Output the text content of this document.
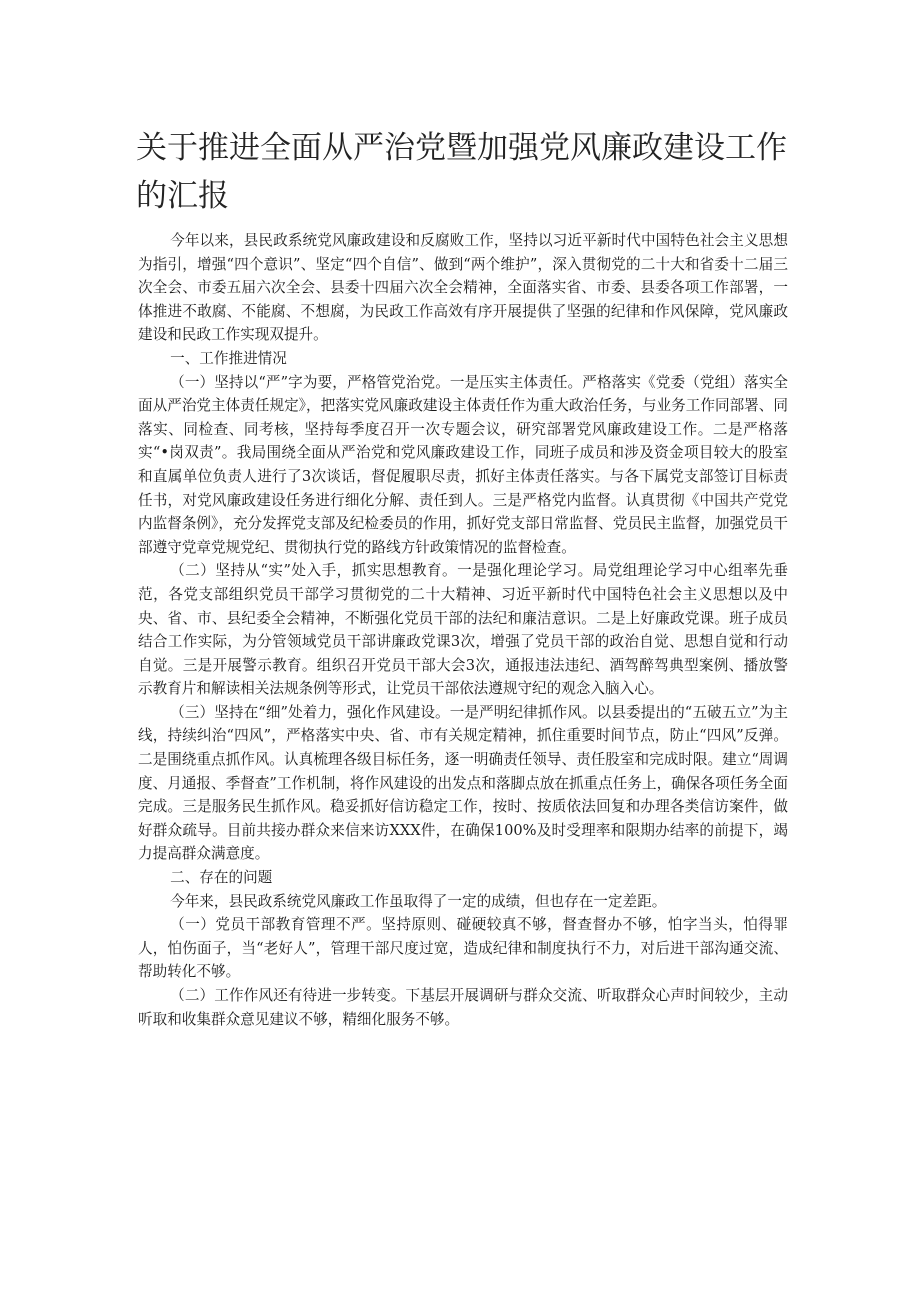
关于推进全面从严治党暨加强党风廉政建设工作的汇报

今年以来，县民政系统党风廉政建设和反腐败工作，坚持以习近平新时代中国特色社会主义思想为指引，增强“四个意识”、坚定“四个自信”、做到“两个维护”，深入贯彻党的二十大和省委十二届三次全会、市委五届六次全会、县委十四届六次全会精神，全面落实省、市委、县委各项工作部署，一体推进不敢腐、不能腐、不想腐，为民政工作高效有序开展提供了坚强的纪律和作风保障，党风廉政建设和民政工作实现双提升。

一、工作推进情况

（一）坚持以“严”字为要，严格管党治党。一是压实主体责任。严格落实《党委（党组）落实全面从严治党主体责任规定》，把落实党风廉政建设主体责任作为重大政治任务，与业务工作同部署、同落实、同检查、同考核，坚持每季度召开一次专题会议，研究部署党风廉政建设工作。二是严格落实“•岗双责”。我局围绕全面从严治党和党风廉政建设工作，同班子成员和涉及资金项目较大的股室和直属单位负责人进行了3次谈话，督促履职尽责，抓好主体责任落实。与各下属党支部签订目标责任书，对党风廉政建设任务进行细化分解、责任到人。三是严格党内监督。认真贯彻《中国共产党党内监督条例》，充分发挥党支部及纪检委员的作用，抓好党支部日常监督、党员民主监督，加强党员干部遵守党章党规党纪、贯彻执行党的路线方针政策情况的监督检查。

（二）坚持从“实”处入手，抓实思想教育。一是强化理论学习。局党组理论学习中心组率先垂范，各党支部组织党员干部学习贯彻党的二十大精神、习近平新时代中国特色社会主义思想以及中央、省、市、县纪委全会精神，不断强化党员干部的法纪和廉洁意识。二是上好廉政党课。班子成员结合工作实际，为分管领域党员干部讲廉政党课3次，增强了党员干部的政治自觉、思想自觉和行动自觉。三是开展警示教育。组织召开党员干部大会3次，通报违法违纪、酒驾醉驾典型案例、播放警示教育片和解读相关法规条例等形式，让党员干部依法遵规守纪的观念入脑入心。

（三）坚持在“细”处着力，强化作风建设。一是严明纪律抓作风。以县委提出的“五破五立”为主线，持续纠治“四风”，严格落实中央、省、市有关规定精神，抓住重要时间节点，防止“四风”反弹。二是围绕重点抓作风。认真梳理各级目标任务，逐一明确责任领导、责任股室和完成时限。建立“周调度、月通报、季督查”工作机制，将作风建设的出发点和落脚点放在抓重点任务上，确保各项任务全面完成。三是服务民生抓作风。稳妥抓好信访稳定工作，按时、按质依法回复和办理各类信访案件，做好群众疏导。目前共接办群众来信来访XXX件，在确保100%及时受理率和限期办结率的前提下，竭力提高群众满意度。

二、存在的问题

今年来，县民政系统党风廉政工作虽取得了一定的成绩，但也存在一定差距。

（一）党员干部教育管理不严。坚持原则、碰硬较真不够，督查督办不够，怕字当头，怕得罪人，怕伤面子，当“老好人”，管理干部尺度过宽，造成纪律和制度执行不力，对后进干部沟通交流、帮助转化不够。

（二）工作作风还有待进一步转变。下基层开展调研与群众交流、听取群众心声时间较少，主动听取和收集群众意见建议不够，精细化服务不够。
